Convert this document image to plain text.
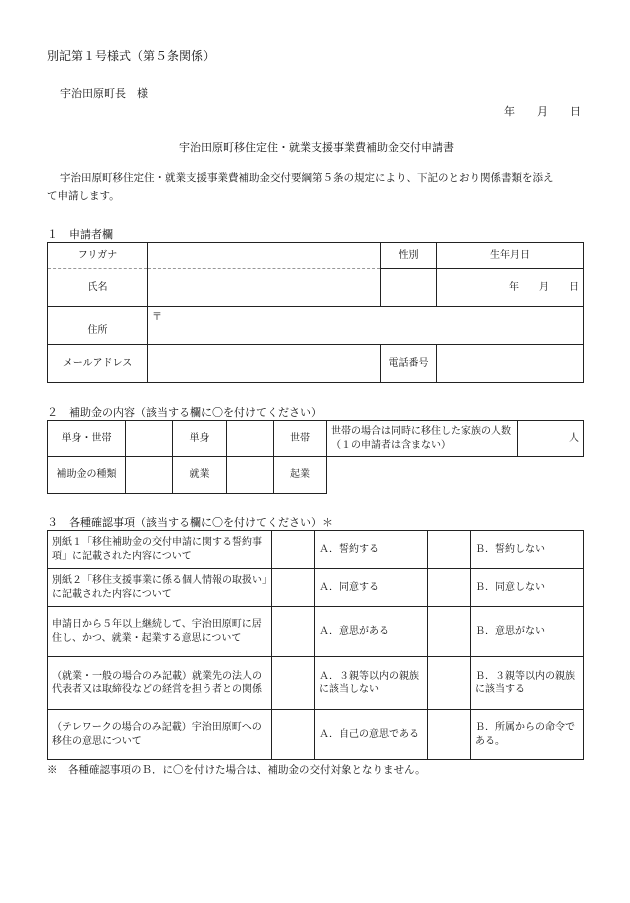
別記第１号様式（第５条関係）
宇治田原町長　様
年　　月　　日
宇治田原町移住定住・就業支援事業費補助金交付申請書
宇治田原町移住定住・就業支援事業費補助金交付要綱第５条の規定により、下記のとおり関係書類を添え
て申請します。
１　申請者欄
フリガナ		性別	生年月日
氏名			年　　月　　日
住所	〒		
メールアドレス		電話番号	
２　補助金の内容（該当する欄に〇を付けてください）
単身・世帯		単身		世帯	世帯の場合は同時に移住した家族の人数（１の申請者は含まない）	人
補助金の種類		就業		起業		
３　各種確認事項（該当する欄に〇を付けてください）＊
別紙１「移住補助金の交付申請に関する誓約事項」に記載された内容について		Ａ．誓約する		Ｂ．誓約しない
別紙２「移住支援事業に係る個人情報の取扱い」に記載された内容について		Ａ．同意する		Ｂ．同意しない
申請日から５年以上継続して、宇治田原町に居住し、かつ、就業・起業する意思について		Ａ．意思がある		Ｂ．意思がない
（就業・一般の場合のみ記載）就業先の法人の代表者又は取締役などの経営を担う者との関係		Ａ．３親等以内の親族に該当しない		Ｂ．３親等以内の親族に該当する
（テレワークの場合のみ記載）宇治田原町への移住の意思について		Ａ．自己の意思である		Ｂ．所属からの命令である。
※　各種確認事項のＢ．に〇を付けた場合は、補助金の交付対象となりません。
